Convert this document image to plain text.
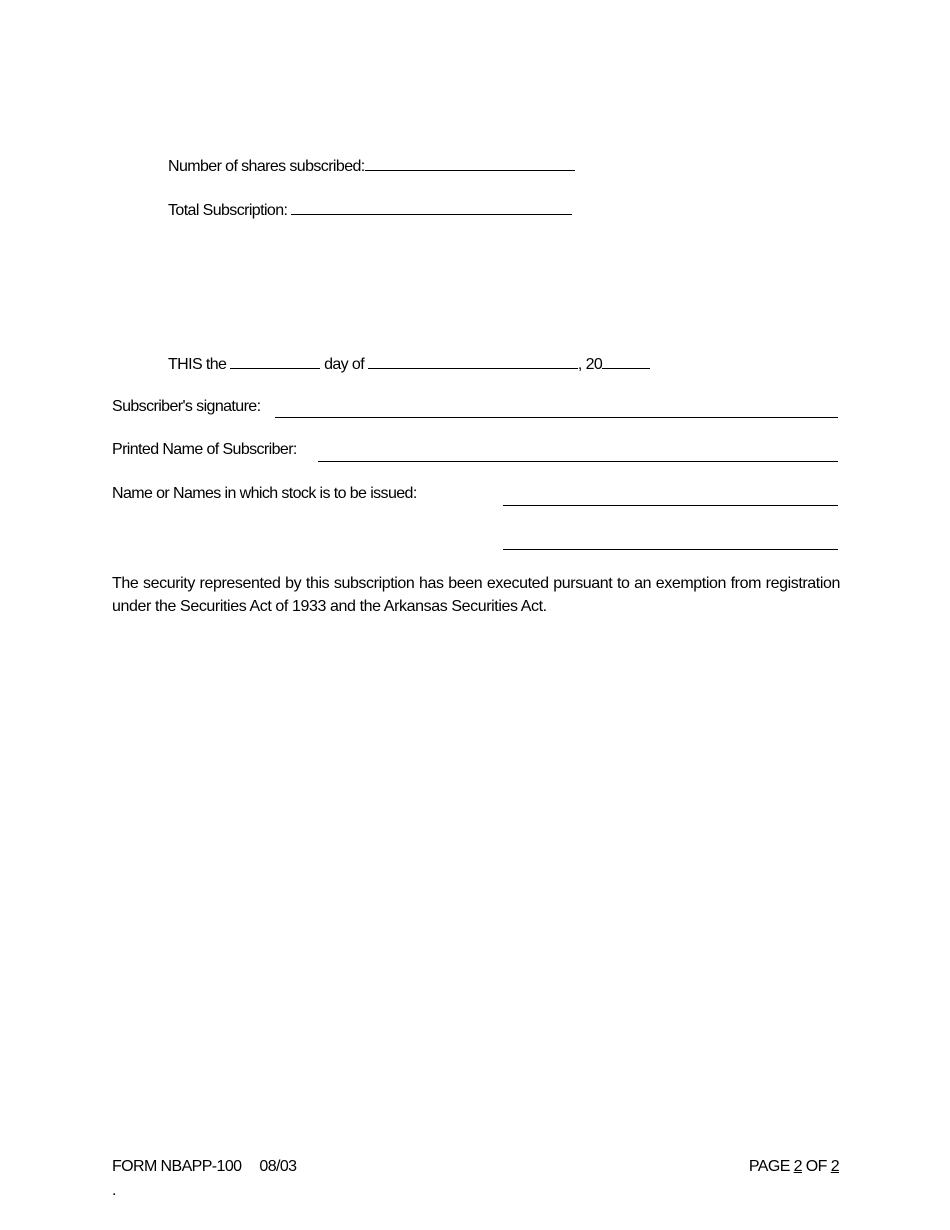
Number of shares subscribed:
Total Subscription:
THIS the	day of	, 20
Subscriber's signature:
Printed Name of Subscriber:
Name or Names in which stock is to be issued:
The security represented by this subscription has been executed pursuant to an exemption from registration under the Securities Act of 1933 and the Arkansas Securities Act.
FORM NBAPP-100 08/03	PAGE 2 OF 2
.
